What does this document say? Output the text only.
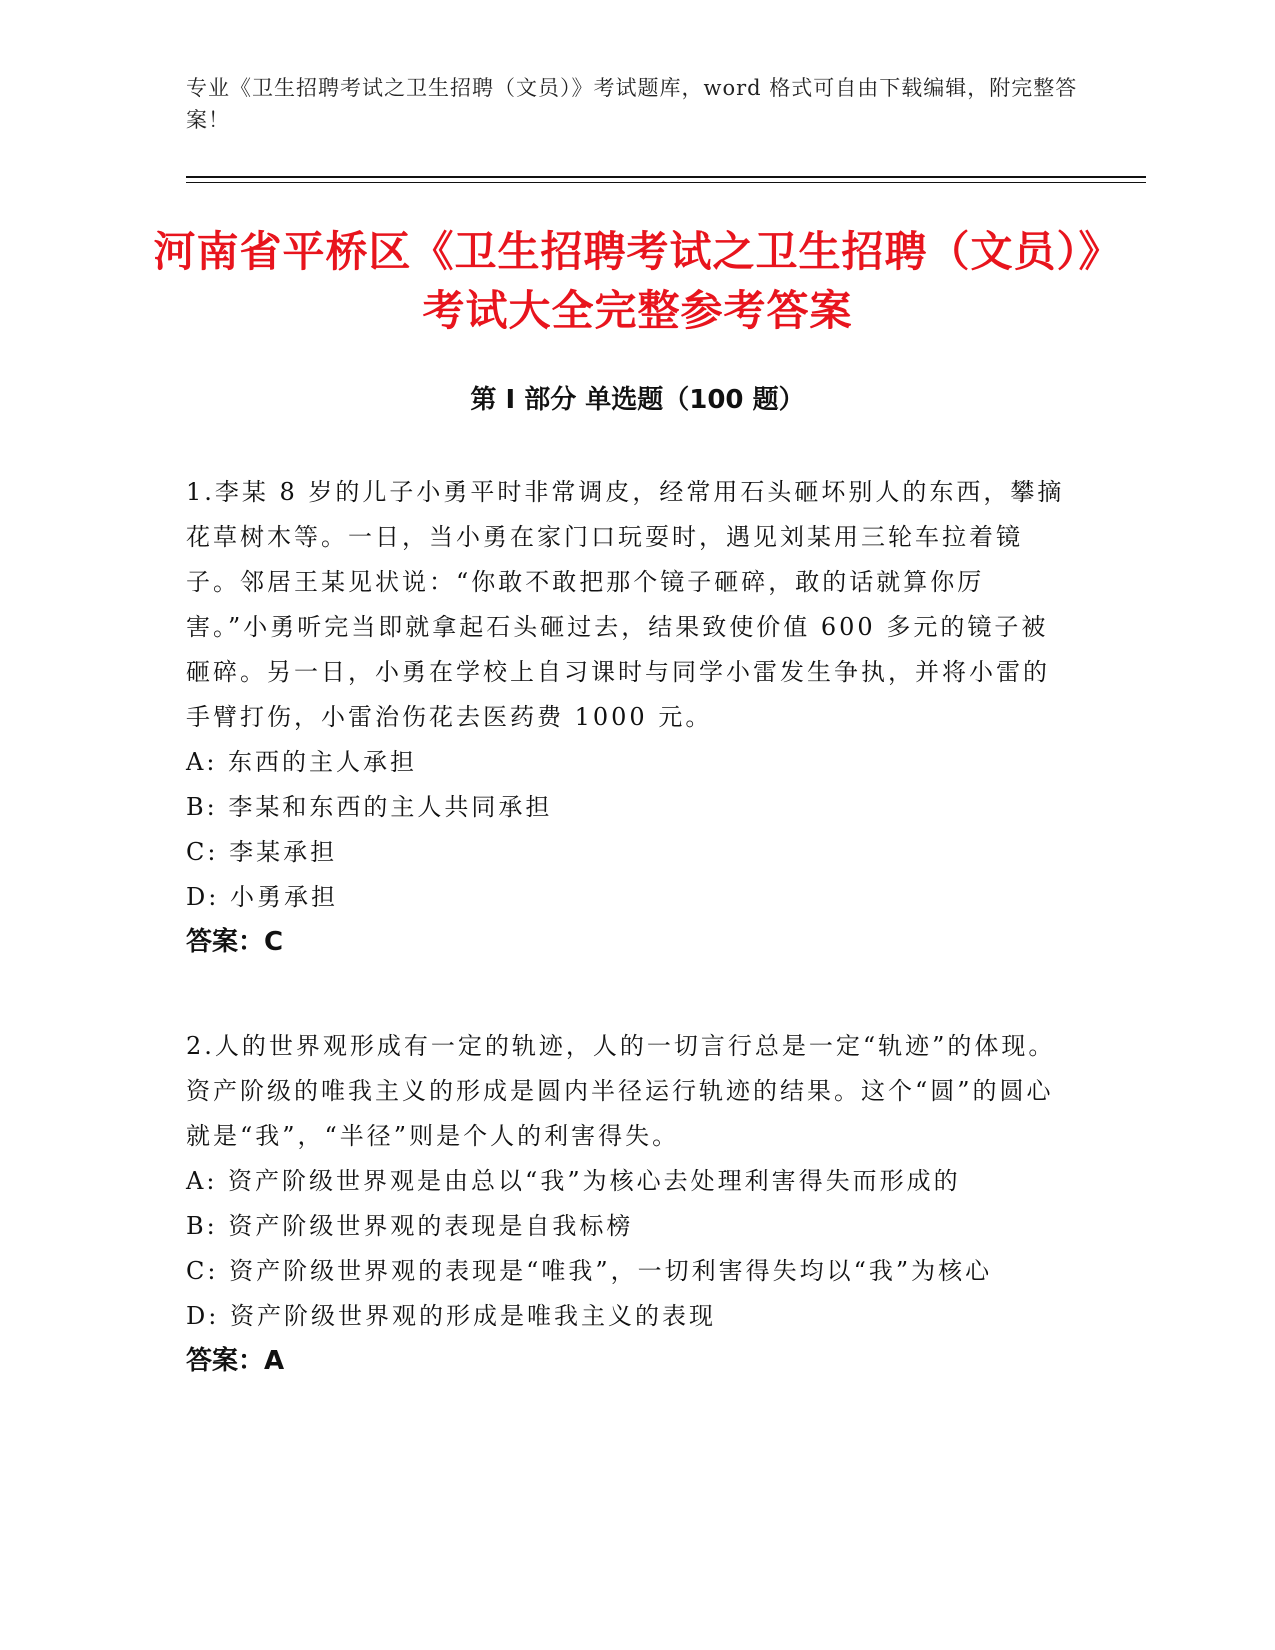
专业《卫生招聘考试之卫生招聘（文员）》考试题库，word 格式可自由下载编辑，附完整答案！
河南省平桥区《卫生招聘考试之卫生招聘（文员）》考试大全完整参考答案
第 I 部分 单选题（100 题）

1.李某 8 岁的儿子小勇平时非常调皮，经常用石头砸坏别人的东西，攀摘花草树木等。一日，当小勇在家门口玩耍时，遇见刘某用三轮车拉着镜子。邻居王某见状说：“你敢不敢把那个镜子砸碎，敢的话就算你厉害。”小勇听完当即就拿起石头砸过去，结果致使价值 600 多元的镜子被砸碎。另一日，小勇在学校上自习课时与同学小雷发生争执，并将小雷的手臂打伤，小雷治伤花去医药费 1000 元。

A: 东西的主人承担

B: 李某和东西的主人共同承担

C: 李某承担

D: 小勇承担

答案：C

2.人的世界观形成有一定的轨迹，人的一切言行总是一定“轨迹”的体现。资产阶级的唯我主义的形成是圆内半径运行轨迹的结果。这个“圆”的圆心就是“我”，“半径”则是个人的利害得失。

A: 资产阶级世界观是由总以“我”为核心去处理利害得失而形成的

B: 资产阶级世界观的表现是自我标榜

C: 资产阶级世界观的表现是“唯我”，一切利害得失均以“我”为核心

D: 资产阶级世界观的形成是唯我主义的表现

答案：A
